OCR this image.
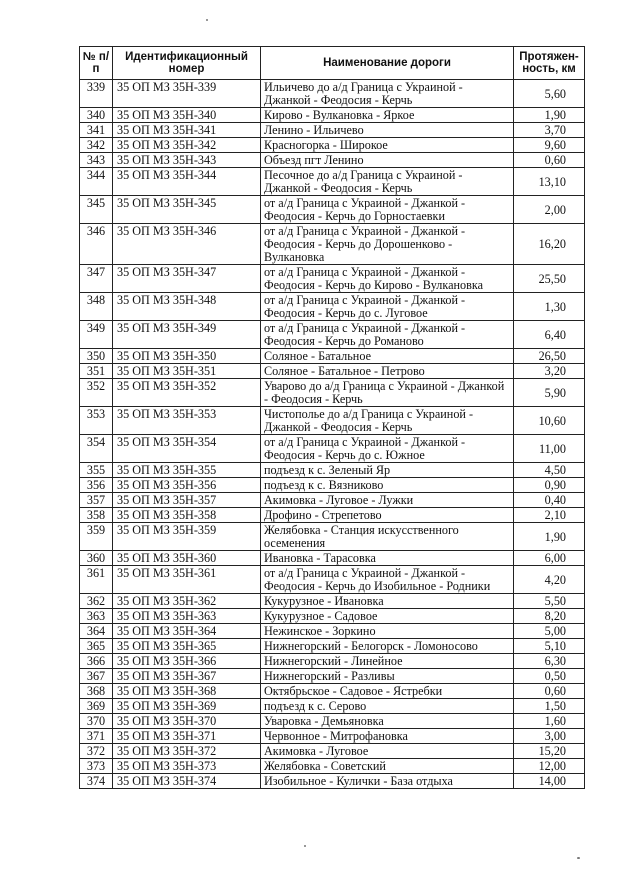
№ п/п	Идентификационный номер	Наименование дороги	Протяжен-ность, км
339	35 ОП МЗ 35Н-339	Ильичево до а/д Граница с Украиной - Джанкой - Феодосия - Керчь	5,60
340	35 ОП МЗ 35Н-340	Кирово - Вулкановка - Яркое	1,90
341	35 ОП МЗ 35Н-341	Ленино - Ильичево	3,70
342	35 ОП МЗ 35Н-342	Красногорка - Широкое	9,60
343	35 ОП МЗ 35Н-343	Объезд пгт Ленино	0,60
344	35 ОП МЗ 35Н-344	Песочное до а/д Граница с Украиной - Джанкой - Феодосия - Керчь	13,10
345	35 ОП МЗ 35Н-345	от а/д Граница с Украиной - Джанкой - Феодосия - Керчь до Горностаевки	2,00
346	35 ОП МЗ 35Н-346	от а/д Граница с Украиной - Джанкой - Феодосия - Керчь до Дорошенково - Вулкановка	16,20
347	35 ОП МЗ 35Н-347	от а/д Граница с Украиной - Джанкой - Феодосия - Керчь до Кирово - Вулкановка	25,50
348	35 ОП МЗ 35Н-348	от а/д Граница с Украиной - Джанкой - Феодосия - Керчь до с. Луговое	1,30
349	35 ОП МЗ 35Н-349	от а/д Граница с Украиной - Джанкой - Феодосия - Керчь до Романово	6,40
350	35 ОП МЗ 35Н-350	Соляное - Батальное	26,50
351	35 ОП МЗ 35Н-351	Соляное - Батальное - Петрово	3,20
352	35 ОП МЗ 35Н-352	Уварово до а/д Граница с Украиной - Джанкой - Феодосия - Керчь	5,90
353	35 ОП МЗ 35Н-353	Чистополье до а/д Граница с Украиной - Джанкой - Феодосия - Керчь	10,60
354	35 ОП МЗ 35Н-354	от а/д Граница с Украиной - Джанкой - Феодосия - Керчь до с. Южное	11,00
355	35 ОП МЗ 35Н-355	подъезд к с. Зеленый Яр	4,50
356	35 ОП МЗ 35Н-356	подъезд к с. Вязниково	0,90
357	35 ОП МЗ 35Н-357	Акимовка - Луговое - Лужки	0,40
358	35 ОП МЗ 35Н-358	Дрофино - Стрепетово	2,10
359	35 ОП МЗ 35Н-359	Желябовка - Станция искусственного осеменения	1,90
360	35 ОП МЗ 35Н-360	Ивановка - Тарасовка	6,00
361	35 ОП МЗ 35Н-361	от а/д Граница с Украиной - Джанкой - Феодосия - Керчь до Изобильное - Родники	4,20
362	35 ОП МЗ 35Н-362	Кукурузное - Ивановка	5,50
363	35 ОП МЗ 35Н-363	Кукурузное - Садовое	8,20
364	35 ОП МЗ 35Н-364	Нежинское - Зоркино	5,00
365	35 ОП МЗ 35Н-365	Нижнегорский - Белогорск - Ломоносово	5,10
366	35 ОП МЗ 35Н-366	Нижнегорский - Линейное	6,30
367	35 ОП МЗ 35Н-367	Нижнегорский - Разливы	0,50
368	35 ОП МЗ 35Н-368	Октябрьское - Садовое - Ястребки	0,60
369	35 ОП МЗ 35Н-369	подъезд к с. Серово	1,50
370	35 ОП МЗ 35Н-370	Уваровка - Демьяновка	1,60
371	35 ОП МЗ 35Н-371	Червонное - Митрофановка	3,00
372	35 ОП МЗ 35Н-372	Акимовка - Луговое	15,20
373	35 ОП МЗ 35Н-373	Желябовка - Советский	12,00
374	35 ОП МЗ 35Н-374	Изобильное - Кулички - База отдыха	14,00
